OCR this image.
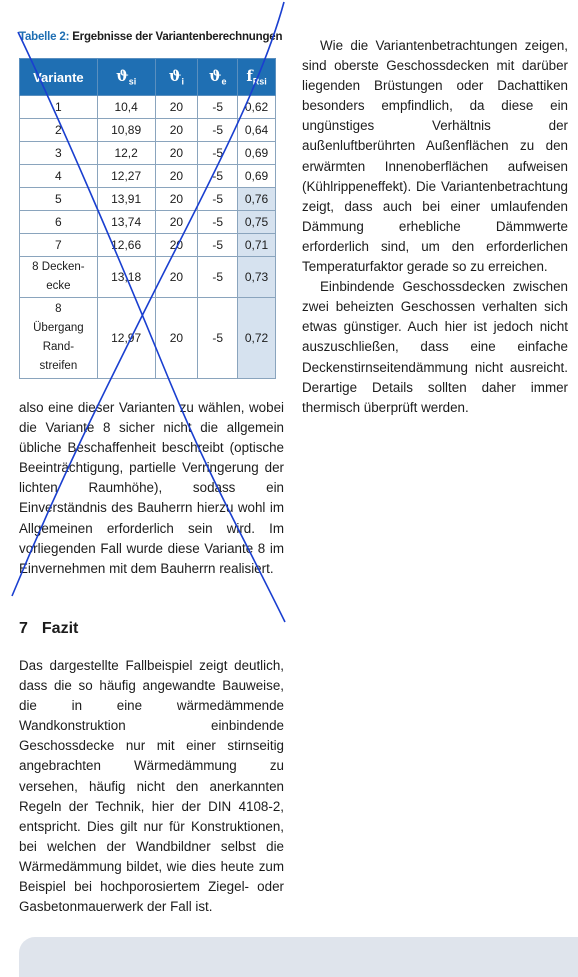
Tabelle 2: Ergebnisse der Variantenberechnungen
Variante	$ϑ_{si}$	$ϑ_i$	$ϑ_e$	$f_{Rsi}$
1	10,4	20	-5	0,62
2	10,89	20	-5	0,64
3	12,2	20	-5	0,69
4	12,27	20	-5	0,69
5	13,91	20	-5	0,76
6	13,74	20	-5	0,75
7	12,66	20	-5	0,71
8 Decken-
ecke	13,18	20	-5	0,73
8
Übergang
Rand-
streifen	12,97	20	-5	0,72

also eine dieser Varianten zu wählen, wobei die Variante 8 sicher nicht die allgemein übliche Beschaffenheit beschreibt (optische Beeinträchtigung, partielle Verringerung der lichten Raumhöhe), sodass ein Einverständnis des Bauherrn hierzu wohl im Allgemeinen erforderlich sein wird. Im vorliegenden Fall wurde diese Variante 8 im Einvernehmen mit dem Bauherrn realisiert.

7 Fazit

Das dargestellte Fallbeispiel zeigt deutlich, dass die so häufig angewandte Bauweise, die in eine wärmedämmende Wandkonstruktion einbindende Geschossdecke nur mit einer stirnseitig angebrachten Wärmedämmung zu versehen, häufig nicht den anerkannten Regeln der Technik, hier der DIN 4108-2, entspricht. Dies gilt nur für Konstruktionen, bei welchen der Wandbildner selbst die Wärmedämmung bildet, wie dies heute zum Beispiel bei hochporosiertem Ziegel- oder Gasbetonmauerwerk der Fall ist.

Wie die Variantenbetrachtungen zeigen, sind oberste Geschossdecken mit darüber liegenden Brüstungen oder Dachattiken besonders empfindlich, da diese ein ungünstiges Verhältnis der außenluftberührten Außenflächen zu den erwärmten Innenoberflächen aufweisen (Kühlrippeneffekt). Die Variantenbetrachtung zeigt, dass auch bei einer umlaufenden Dämmung erhebliche Dämmwerte erforderlich sind, um den erforderlichen Temperaturfaktor gerade so zu erreichen.

Einbindende Geschossdecken zwischen zwei beheizten Geschossen verhalten sich etwas günstiger. Auch hier ist jedoch nicht auszuschließen, dass eine einfache Deckenstirnseitendämmung nicht ausreicht. Derartige Details sollten daher immer thermisch überprüft werden.
